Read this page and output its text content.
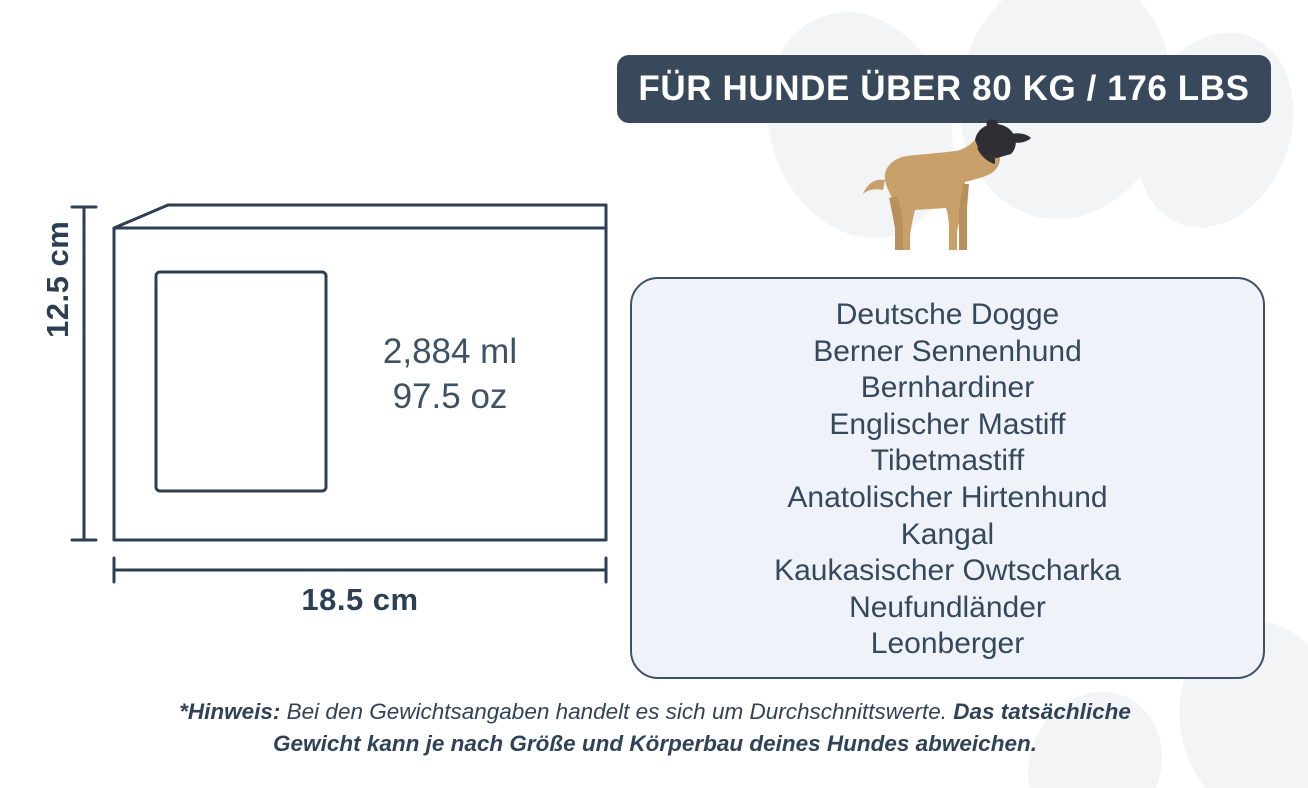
12.5 cm
18.5 cm
2,884 ml
97.5 oz
FÜR HUNDE ÜBER 80 KG / 176 LBS
Deutsche Dogge
Berner Sennenhund
Bernhardiner
Englischer Mastiff
Tibetmastiff
Anatolischer Hirtenhund
Kangal
Kaukasischer Owtscharka
Neufundländer
Leonberger
*Hinweis: Bei den Gewichtsangaben handelt es sich um Durchschnittswerte. Das tatsächliche Gewicht kann je nach Größe und Körperbau deines Hundes abweichen.
